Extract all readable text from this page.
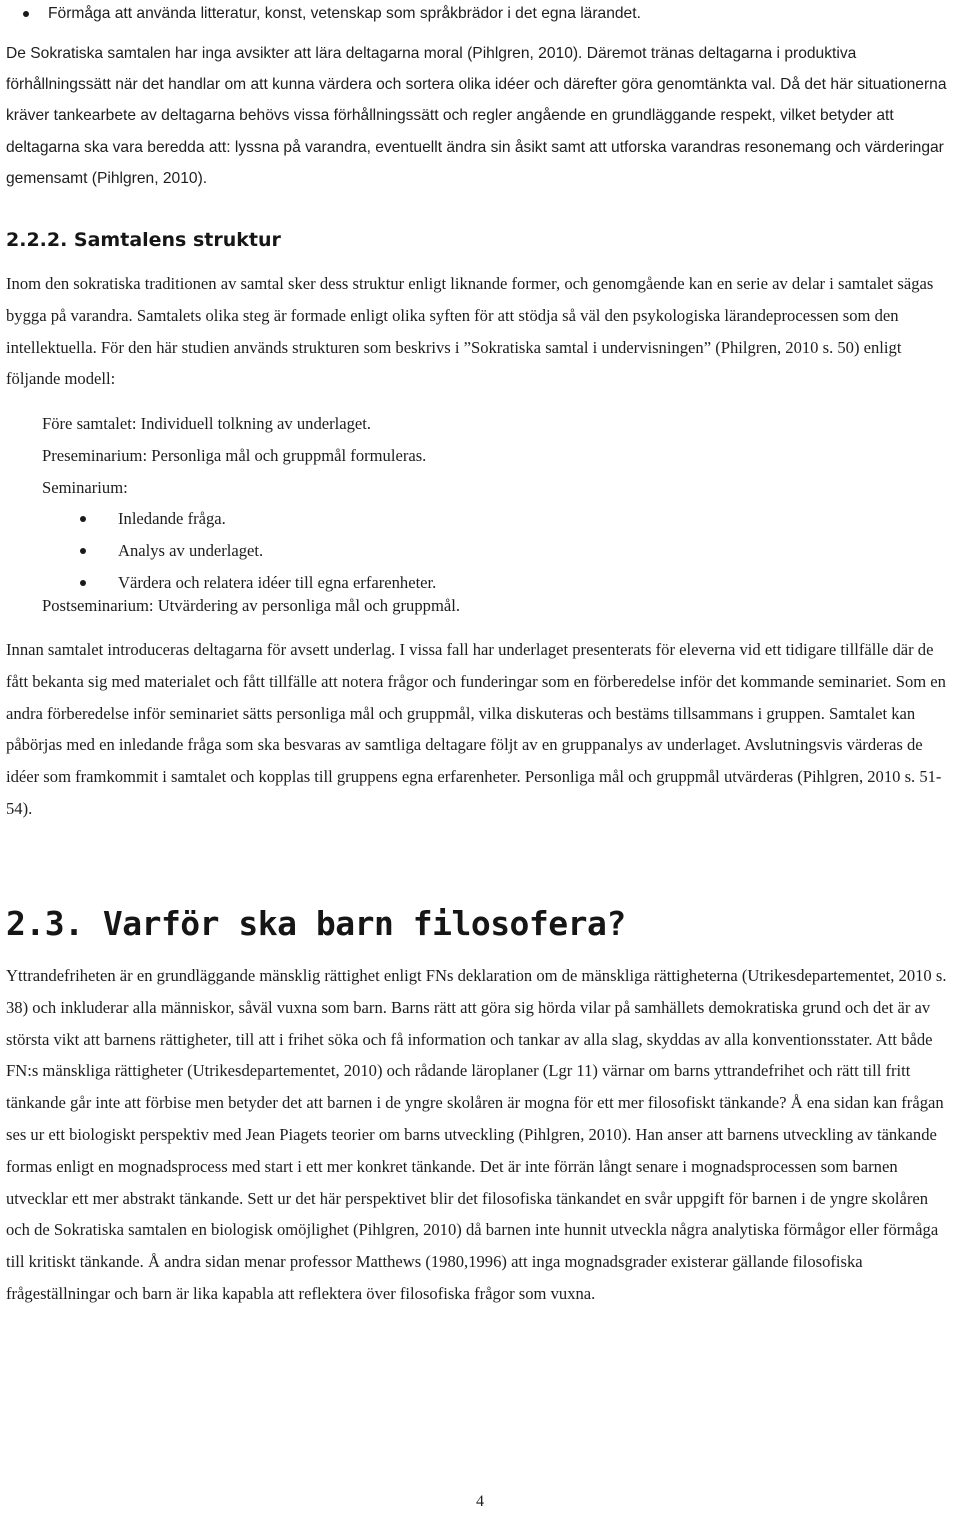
Förmåga att använda litteratur, konst, vetenskap som språkbrädor i det egna lärandet.

De Sokratiska samtalen har inga avsikter att lära deltagarna moral (Pihlgren, 2010). Däremot tränas deltagarna i produktiva förhållningssätt när det handlar om att kunna värdera och sortera olika idéer och därefter göra genomtänkta val. Då det här situationerna kräver tankearbete av deltagarna behövs vissa förhållningssätt och regler angående en grundläggande respekt, vilket betyder att deltagarna ska vara beredda att: lyssna på varandra, eventuellt ändra sin åsikt samt att utforska varandras resonemang och värderingar gemensamt (Pihlgren, 2010).

2.2.2. Samtalens struktur

Inom den sokratiska traditionen av samtal sker dess struktur enligt liknande former, och genomgående kan en serie av delar i samtalet sägas bygga på varandra. Samtalets olika steg är formade enligt olika syften för att stödja så väl den psykologiska lärandeprocessen som den intellektuella. För den här studien används strukturen som beskrivs i ”Sokratiska samtal i undervisningen” (Philgren, 2010 s. 50) enligt följande modell:

Före samtalet: Individuell tolkning av underlaget.
Preseminarium: Personliga mål och gruppmål formuleras.
Seminarium:
Inledande fråga.
Analys av underlaget.
Värdera och relatera idéer till egna erfarenheter.
Postseminarium: Utvärdering av personliga mål och gruppmål.

Innan samtalet introduceras deltagarna för avsett underlag. I vissa fall har underlaget presenterats för eleverna vid ett tidigare tillfälle där de fått bekanta sig med materialet och fått tillfälle att notera frågor och funderingar som en förberedelse inför det kommande seminariet. Som en andra förberedelse inför seminariet sätts personliga mål och gruppmål, vilka diskuteras och bestäms tillsammans i gruppen. Samtalet kan påbörjas med en inledande fråga som ska besvaras av samtliga deltagare följt av en gruppanalys av underlaget. Avslutningsvis värderas de idéer som framkommit i samtalet och kopplas till gruppens egna erfarenheter. Personliga mål och gruppmål utvärderas (Pihlgren, 2010 s. 51-54).

2.3. Varför ska barn filosofera?

Yttrandefriheten är en grundläggande mänsklig rättighet enligt FNs deklaration om de mänskliga rättigheterna (Utrikesdepartementet, 2010 s. 38) och inkluderar alla människor, såväl vuxna som barn. Barns rätt att göra sig hörda vilar på samhällets demokratiska grund och det är av största vikt att barnens rättigheter, till att i frihet söka och få information och tankar av alla slag, skyddas av alla konventionsstater. Att både FN:s mänskliga rättigheter (Utrikesdepartementet, 2010) och rådande läroplaner (Lgr 11) värnar om barns yttrandefrihet och rätt till fritt tänkande går inte att förbise men betyder det att barnen i de yngre skolåren är mogna för ett mer filosofiskt tänkande? Å ena sidan kan frågan ses ur ett biologiskt perspektiv med Jean Piagets teorier om barns utveckling (Pihlgren, 2010). Han anser att barnens utveckling av tänkande formas enligt en mognadsprocess med start i ett mer konkret tänkande. Det är inte förrän långt senare i mognadsprocessen som barnen utvecklar ett mer abstrakt tänkande. Sett ur det här perspektivet blir det filosofiska tänkandet en svår uppgift för barnen i de yngre skolåren och de Sokratiska samtalen en biologisk omöjlighet (Pihlgren, 2010) då barnen inte hunnit utveckla några analytiska förmågor eller förmåga till kritiskt tänkande. Å andra sidan menar professor Matthews (1980,1996) att inga mognadsgrader existerar gällande filosofiska frågeställningar och barn är lika kapabla att reflektera över filosofiska frågor som vuxna.

4
